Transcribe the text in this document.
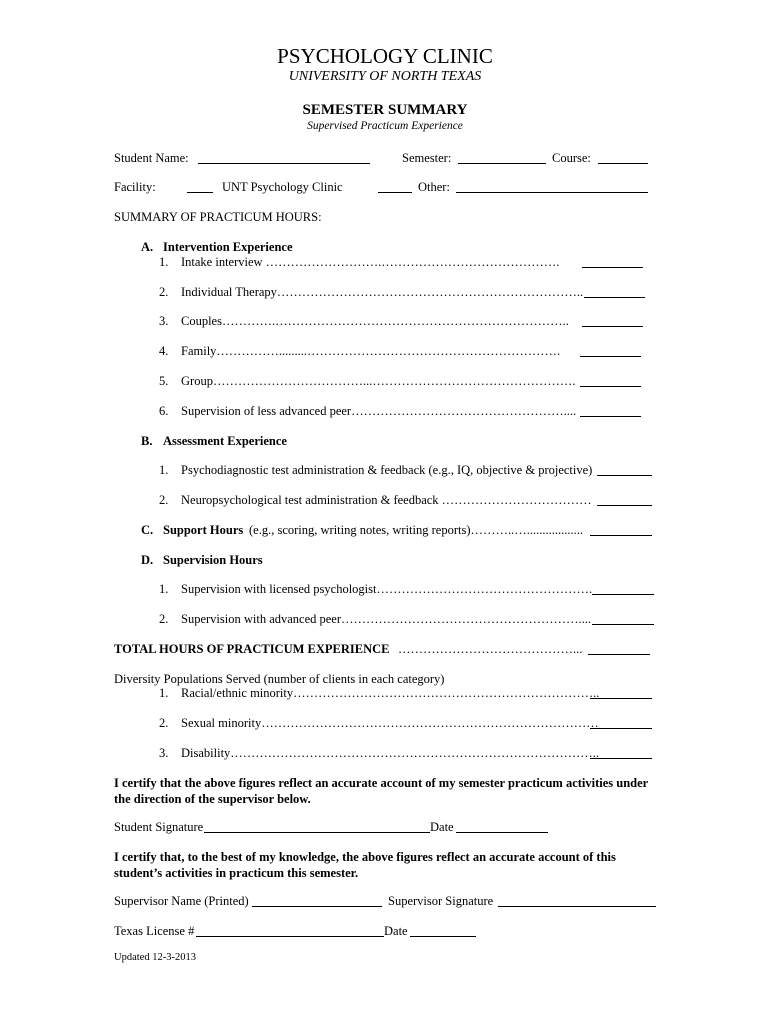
PSYCHOLOGY CLINIC
UNIVERSITY OF NORTH TEXAS
SEMESTER SUMMARY
Supervised Practicum Experience
Student Name:	Semester:	Course:
Facility:	UNT Psychology Clinic	Other:
SUMMARY OF PRACTICUM HOURS:
A. Intervention Experience
1. Intake interview ……………………….…………………………………….
2. Individual Therapy………………………………………………………………..
3. Couples………….……………………………………………………………..
4. Family…………….........…………………………………………………….
5. Group………………………………...………………………………………….
6. Supervision of less advanced peer……………………………………………....
B. Assessment Experience
1. Psychodiagnostic test administration & feedback (e.g., IQ, objective & projective)
2. Neuropsychological test administration & feedback ………………………………
C. Support Hours (e.g., scoring, writing notes, writing reports)………..…..................
D. Supervision Hours
1. Supervision with licensed psychologist…………………………………………….
2. Supervision with advanced peer…………………………………………………....
TOTAL HOURS OF PRACTICUM EXPERIENCE ……………………………………...
Diversity Populations Served (number of clients in each category)
1. Racial/ethnic minority………………………………………………………………..
2. Sexual minority………………………………………………………………………
3. Disability……………………………………………………………………………..
I certify that the above figures reflect an accurate account of my semester practicum activities under
the direction of the supervisor below.
Student Signature	Date
I certify that, to the best of my knowledge, the above figures reflect an accurate account of this
student’s activities in practicum this semester.
Supervisor Name (Printed)	Supervisor Signature
Texas License #	Date
Updated 12-3-2013
